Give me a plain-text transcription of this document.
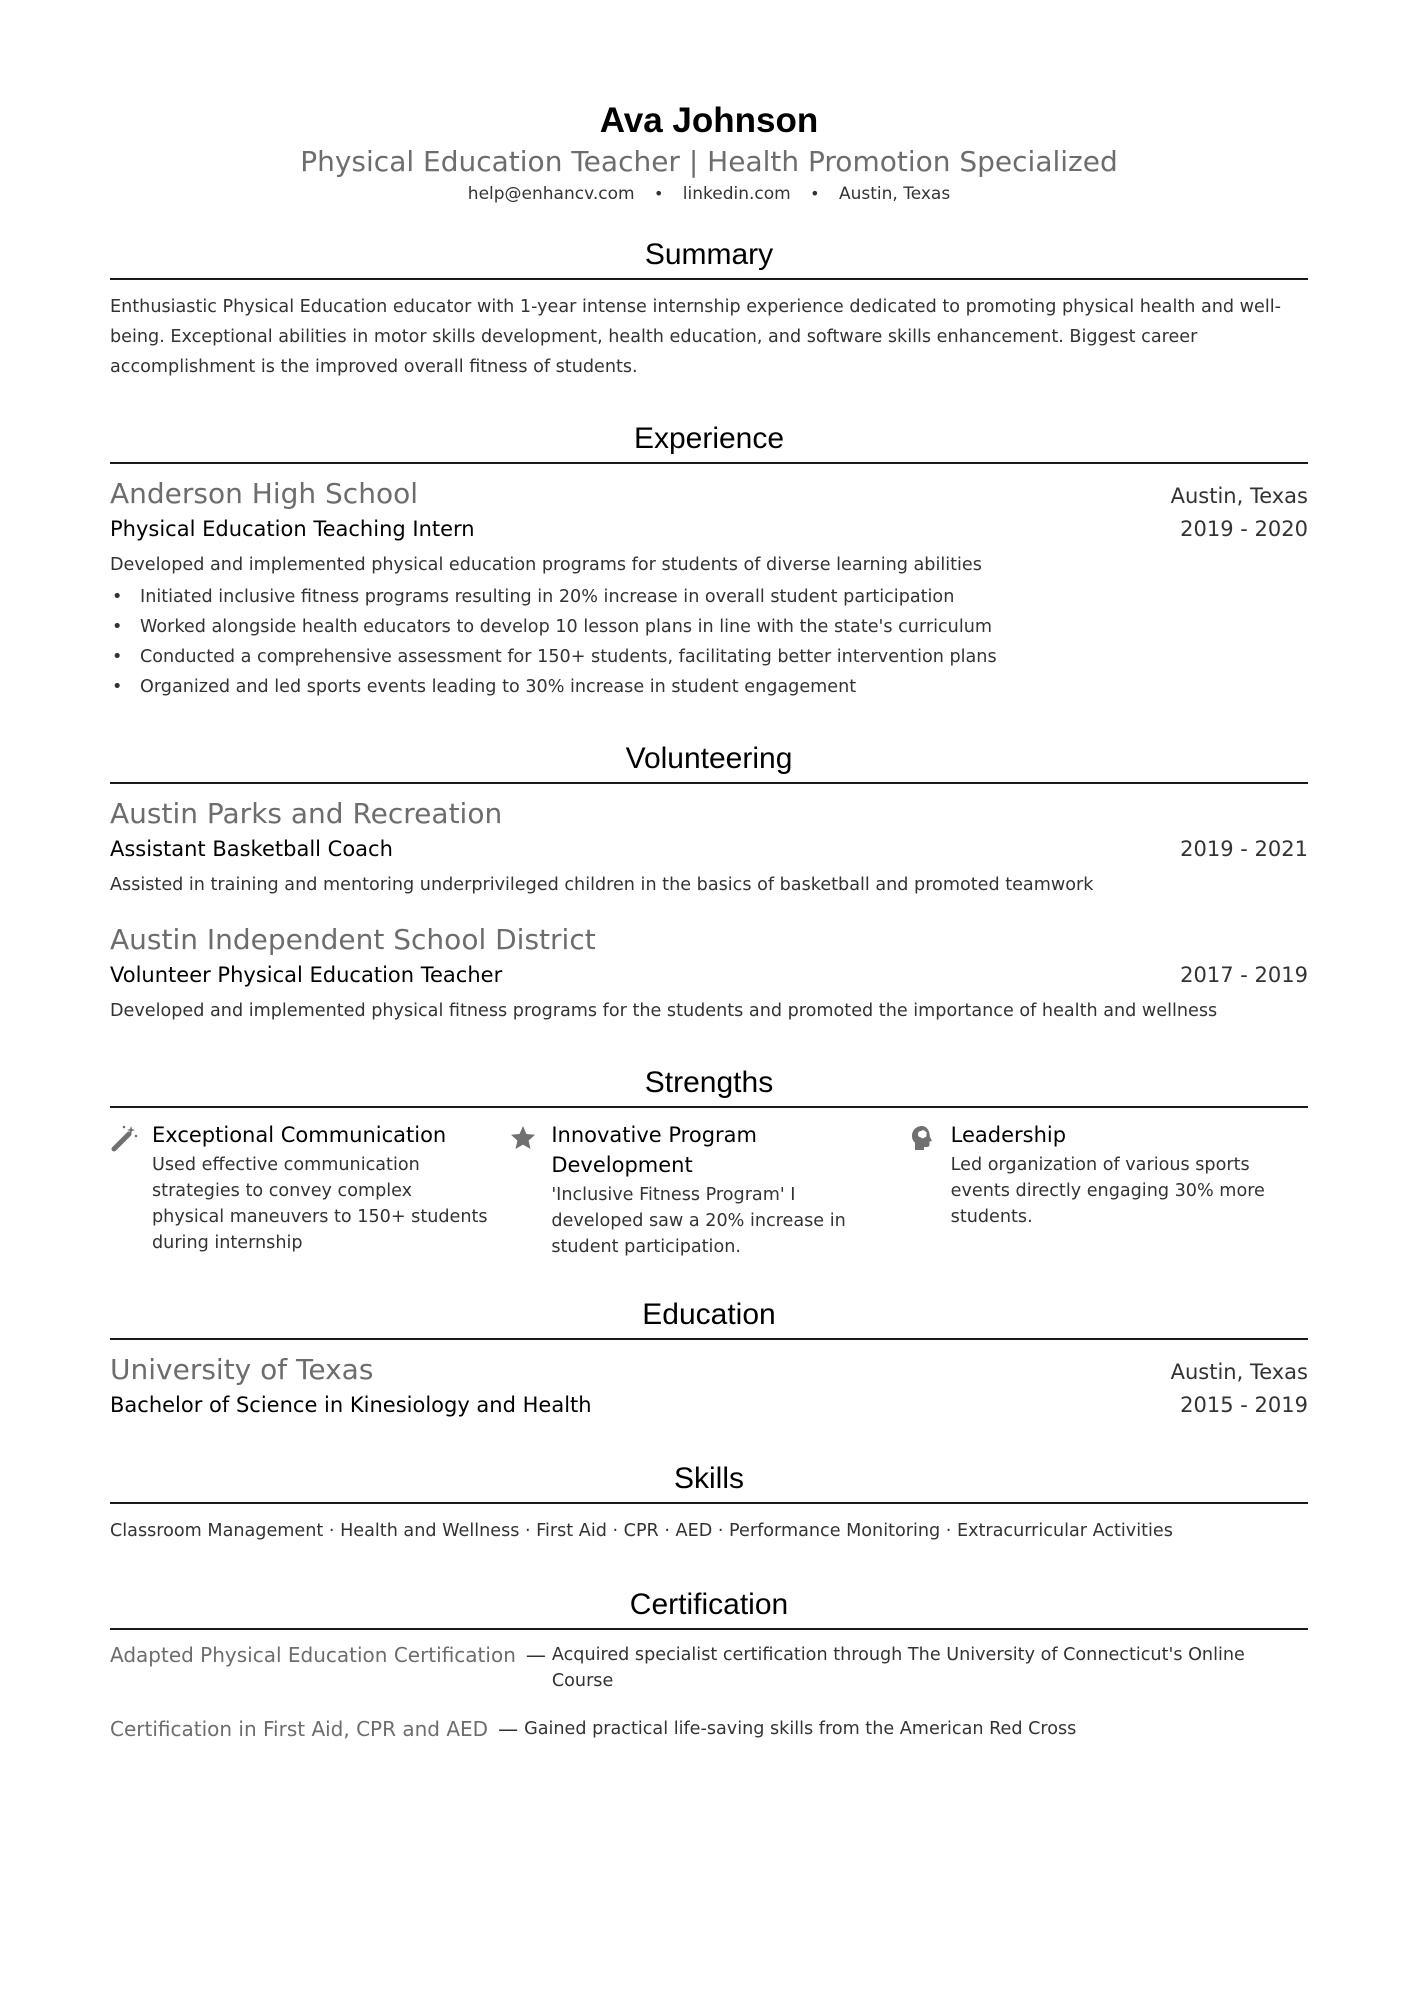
Ava Johnson
Physical Education Teacher | Health Promotion Specialized
help@enhancv.com • linkedin.com • Austin, Texas
Summary
Enthusiastic Physical Education educator with 1-year intense internship experience dedicated to promoting physical health and well-being. Exceptional abilities in motor skills development, health education, and software skills enhancement. Biggest career accomplishment is the improved overall fitness of students.
Experience
Anderson High School	Austin, Texas
Physical Education Teaching Intern	2019 - 2020
Developed and implemented physical education programs for students of diverse learning abilities
• Initiated inclusive fitness programs resulting in 20% increase in overall student participation
• Worked alongside health educators to develop 10 lesson plans in line with the state's curriculum
• Conducted a comprehensive assessment for 150+ students, facilitating better intervention plans
• Organized and led sports events leading to 30% increase in student engagement
Volunteering
Austin Parks and Recreation
Assistant Basketball Coach	2019 - 2021
Assisted in training and mentoring underprivileged children in the basics of basketball and promoted teamwork
Austin Independent School District
Volunteer Physical Education Teacher	2017 - 2019
Developed and implemented physical fitness programs for the students and promoted the importance of health and wellness
Strengths
Exceptional Communication
Used effective communication strategies to convey complex physical maneuvers to 150+ students during internship
Innovative Program Development
'Inclusive Fitness Program' I developed saw a 20% increase in student participation.
Leadership
Led organization of various sports events directly engaging 30% more students.
Education
University of Texas	Austin, Texas
Bachelor of Science in Kinesiology and Health	2015 - 2019
Skills
Classroom Management · Health and Wellness · First Aid · CPR · AED · Performance Monitoring · Extracurricular Activities
Certification
Adapted Physical Education Certification — Acquired specialist certification through The University of Connecticut's Online Course
Certification in First Aid, CPR and AED — Gained practical life-saving skills from the American Red Cross
